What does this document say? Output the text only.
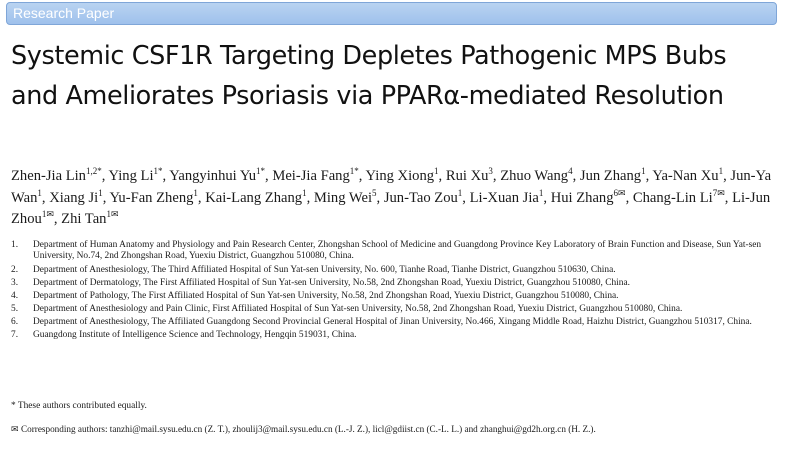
Research Paper
Systemic CSF1R Targeting Depletes Pathogenic MPS Bubs and Ameliorates Psoriasis via PPARα-mediated Resolution
Zhen-Jia Lin$^{1,2*}$, Ying $Li^{1*}$, Yangyinhui $Yu^{1*}$, Mei-Jia Fang$^{1*}$, Ying Xiong$^1$, Rui Xu$^3$, Zhuo Wang$^4$, Jun Zhang$^1$, Ya-Nan Xu$^1$, Jun-Ya Wan$^1$, Xiang Ji$^1$, Yu-Fan Zheng$^1$, Kai-Lang Zhang$^1$, Ming Wei$^5$, Jun-Tao Zou$^1$, Li-Xuan Jia$^1$, Hui Zhang$^{6✉}$, Chang-Lin $Li^{7✉}$, Li-Jun Zhou$^{1✉}$, Zhi Tan$^{1✉}$
1. Department of Human Anatomy and Physiology and Pain Research Center, Zhongshan School of Medicine and Guangdong Province Key Laboratory of Brain Function and Disease, Sun Yat-sen University, No.74, 2nd Zhongshan Road, Yuexiu District, Guangzhou 510080, China.
2. Department of Anesthesiology, The Third Affiliated Hospital of Sun Yat-sen University, No. 600, Tianhe Road, Tianhe District, Guangzhou 510630, China.
3. Department of Dermatology, The First Affiliated Hospital of Sun Yat-sen University, No.58, 2nd Zhongshan Road, Yuexiu District, Guangzhou 510080, China.
4. Department of Pathology, The First Affiliated Hospital of Sun Yat-sen University, No.58, 2nd Zhongshan Road, Yuexiu District, Guangzhou 510080, China.
5. Department of Anesthesiology and Pain Clinic, First Affiliated Hospital of Sun Yat-sen University, No.58, 2nd Zhongshan Road, Yuexiu District, Guangzhou 510080, China.
6. Department of Anesthesiology, The Affiliated Guangdong Second Provincial General Hospital of Jinan University, No.466, Xingang Middle Road, Haizhu District, Guangzhou 510317, China.
7. Guangdong Institute of Intelligence Science and Technology, Hengqin 519031, China.
* These authors contributed equally.
✉ Corresponding authors: tanzhi@mail.sysu.edu.cn (Z. T.), zhoulij3@mail.sysu.edu.cn (L.-J. Z.), licl@gdiist.cn (C.-L. L.) and zhanghui@gd2h.org.cn (H. Z.).
